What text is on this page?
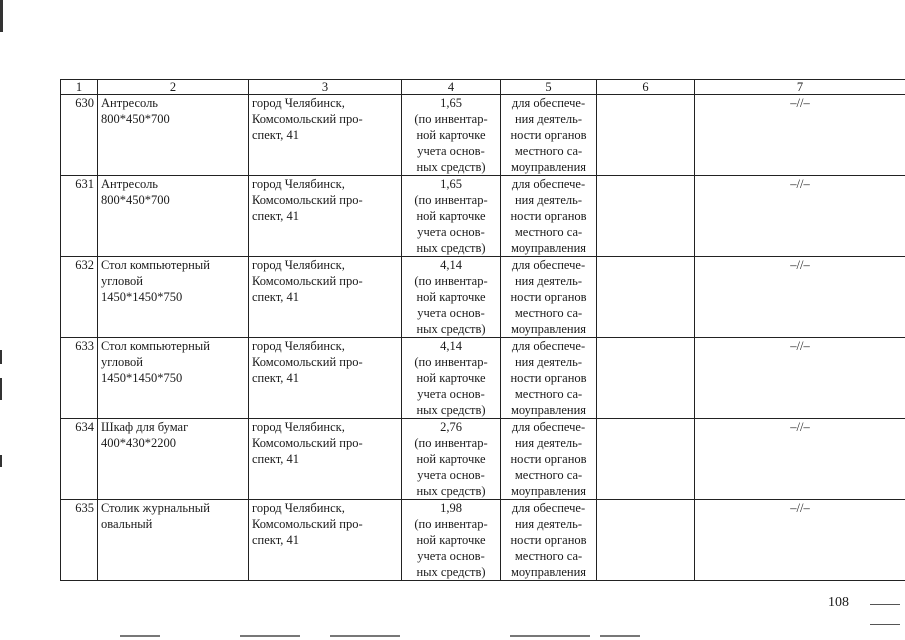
1	2	3	4	5	6	7
630	Антресоль
800*450*700	город Челябинск,
Комсомольский про-
спект, 41	1,65
(по инвентар-
ной карточке
учета основ-
ных средств)	для обеспече-
ния деятель-
ности органов
местного са-
моуправления		–//–
631	Антресоль
800*450*700	город Челябинск,
Комсомольский про-
спект, 41	1,65
(по инвентар-
ной карточке
учета основ-
ных средств)	для обеспече-
ния деятель-
ности органов
местного са-
моуправления		–//–
632	Стол компьютерный
угловой
1450*1450*750	город Челябинск,
Комсомольский про-
спект, 41	4,14
(по инвентар-
ной карточке
учета основ-
ных средств)	для обеспече-
ния деятель-
ности органов
местного са-
моуправления		–//–
633	Стол компьютерный
угловой
1450*1450*750	город Челябинск,
Комсомольский про-
спект, 41	4,14
(по инвентар-
ной карточке
учета основ-
ных средств)	для обеспече-
ния деятель-
ности органов
местного са-
моуправления		–//–
634	Шкаф для бумаг
400*430*2200	город Челябинск,
Комсомольский про-
спект, 41	2,76
(по инвентар-
ной карточке
учета основ-
ных средств)	для обеспече-
ния деятель-
ности органов
местного са-
моуправления		–//–
635	Столик журнальный
овальный	город Челябинск,
Комсомольский про-
спект, 41	1,98
(по инвентар-
ной карточке
учета основ-
ных средств)	для обеспече-
ния деятель-
ности органов
местного са-
моуправления		–//–
108
